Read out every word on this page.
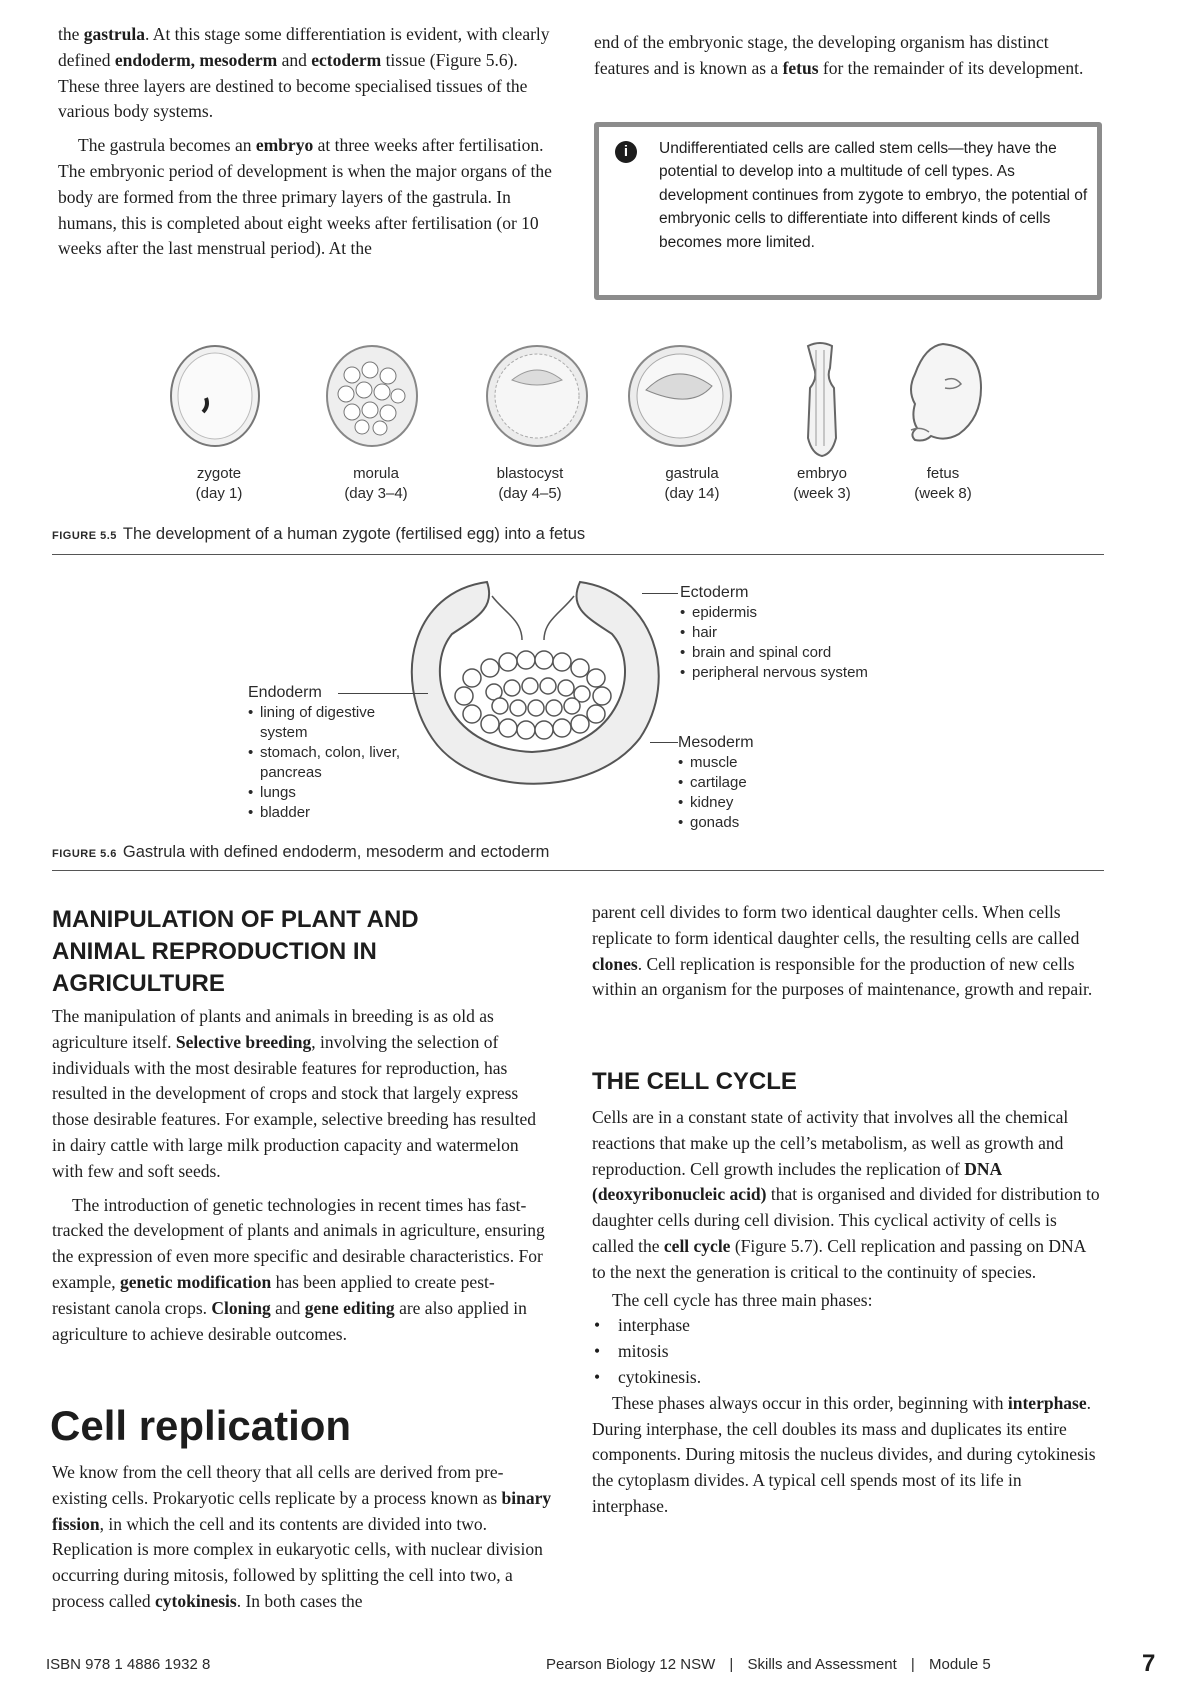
the gastrula. At this stage some differentiation is evident, with clearly defined endoderm, mesoderm and ectoderm tissue (Figure 5.6). These three layers are destined to become specialised tissues of the various body systems.

The gastrula becomes an embryo at three weeks after fertilisation. The embryonic period of development is when the major organs of the body are formed from the three primary layers of the gastrula. In humans, this is completed about eight weeks after fertilisation (or 10 weeks after the last menstrual period). At the

end of the embryonic stage, the developing organism has distinct features and is known as a fetus for the remainder of its development.

i	Undifferentiated cells are called stem cells—they have the potential to develop into a multitude of cell types. As development continues from zygote to embryo, the potential of embryonic cells to differentiate into different kinds of cells becomes more limited.
zygote
(day 1)
morula
(day 3–4)
blastocyst
(day 4–5)
gastrula
(day 14)
embryo
(week 3)
fetus
(week 8)
FIGURE 5.5 The development of a human zygote (fertilised egg) into a fetus
Ectoderm
• epidermis
• hair
• brain and spinal cord
• peripheral nervous system
Endoderm
• lining of digestive system
• stomach, colon, liver, pancreas
• lungs
• bladder
Mesoderm
• muscle
• cartilage
• kidney
• gonads
FIGURE 5.6 Gastrula with defined endoderm, mesoderm and ectoderm
MANIPULATION OF PLANT AND ANIMAL REPRODUCTION IN AGRICULTURE

The manipulation of plants and animals in breeding is as old as agriculture itself. Selective breeding, involving the selection of individuals with the most desirable features for reproduction, has resulted in the development of crops and stock that largely express those desirable features. For example, selective breeding has resulted in dairy cattle with large milk production capacity and watermelon with few and soft seeds.

The introduction of genetic technologies in recent times has fast-tracked the development of plants and animals in agriculture, ensuring the expression of even more specific and desirable characteristics. For example, genetic modification has been applied to create pest-resistant canola crops. Cloning and gene editing are also applied in agriculture to achieve desirable outcomes.

Cell replication

We know from the cell theory that all cells are derived from pre-existing cells. Prokaryotic cells replicate by a process known as binary fission, in which the cell and its contents are divided into two. Replication is more complex in eukaryotic cells, with nuclear division occurring during mitosis, followed by splitting the cell into two, a process called cytokinesis. In both cases the

parent cell divides to form two identical daughter cells. When cells replicate to form identical daughter cells, the resulting cells are called clones. Cell replication is responsible for the production of new cells within an organism for the purposes of maintenance, growth and repair.

THE CELL CYCLE

Cells are in a constant state of activity that involves all the chemical reactions that make up the cell’s metabolism, as well as growth and reproduction. Cell growth includes the replication of DNA (deoxyribonucleic acid) that is organised and divided for distribution to daughter cells during cell division. This cyclical activity of cells is called the cell cycle (Figure 5.7). Cell replication and passing on DNA to the next the generation is critical to the continuity of species.

The cell cycle has three main phases:

• interphase
• mitosis
• cytokinesis.

These phases always occur in this order, beginning with interphase. During interphase, the cell doubles its mass and duplicates its entire components. During mitosis the nucleus divides, and during cytokinesis the cytoplasm divides. A typical cell spends most of its life in interphase.

ISBN 978 1 4886 1932 8	Pearson Biology 12 NSW | Skills and Assessment | Module 5	7
